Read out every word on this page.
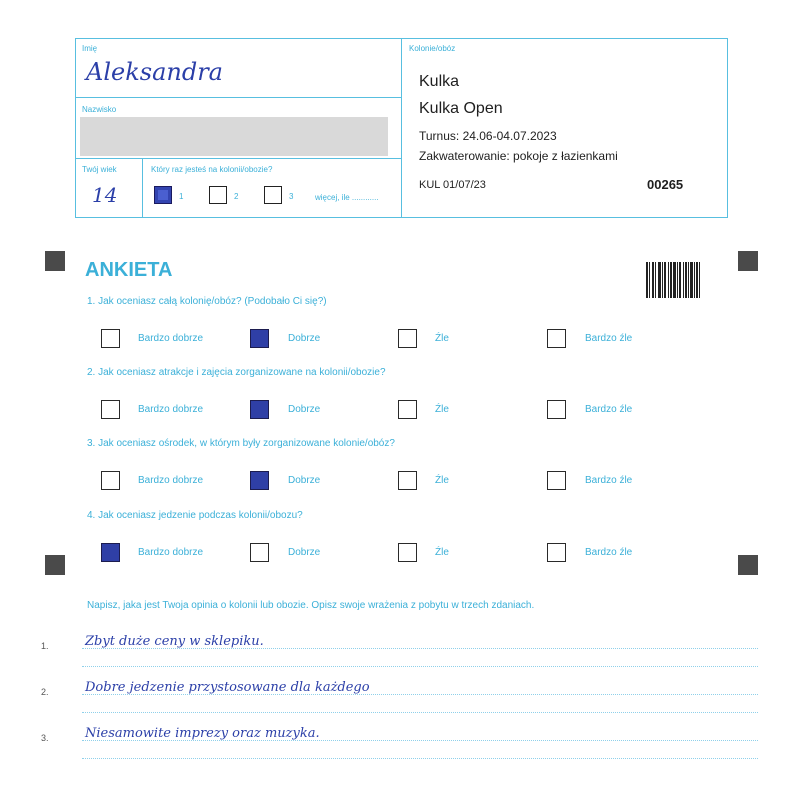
Imię
Aleksandra
Nazwisko
Twój wiek
14
Który raz jesteś na kolonii/obozie?
1	2	3	więcej, ile ............
Kolonie/obóz
Kulka
Kulka Open
Turnus: 24.06-04.07.2023
Zakwaterowanie: pokoje z łazienkami
KUL 01/07/23	00265
ANKIETA
1. Jak oceniasz całą kolonię/obóz? (Podobało Ci się?)
Bardzo dobrze	Dobrze	Źle	Bardzo źle
2. Jak oceniasz atrakcje i zajęcia zorganizowane na kolonii/obozie?
Bardzo dobrze	Dobrze	Źle	Bardzo źle
3. Jak oceniasz ośrodek, w którym były zorganizowane kolonie/obóz?
Bardzo dobrze	Dobrze	Źle	Bardzo źle
4. Jak oceniasz jedzenie podczas kolonii/obozu?
Bardzo dobrze	Dobrze	Źle	Bardzo źle
Napisz, jaka jest Twoja opinia o kolonii lub obozie. Opisz swoje wrażenia z pobytu w trzech zdaniach.
1.	Zbyt duże ceny w sklepiku.
2.	Dobre jedzenie przystosowane dla każdego
3.	Niesamowite imprezy oraz muzyka.
